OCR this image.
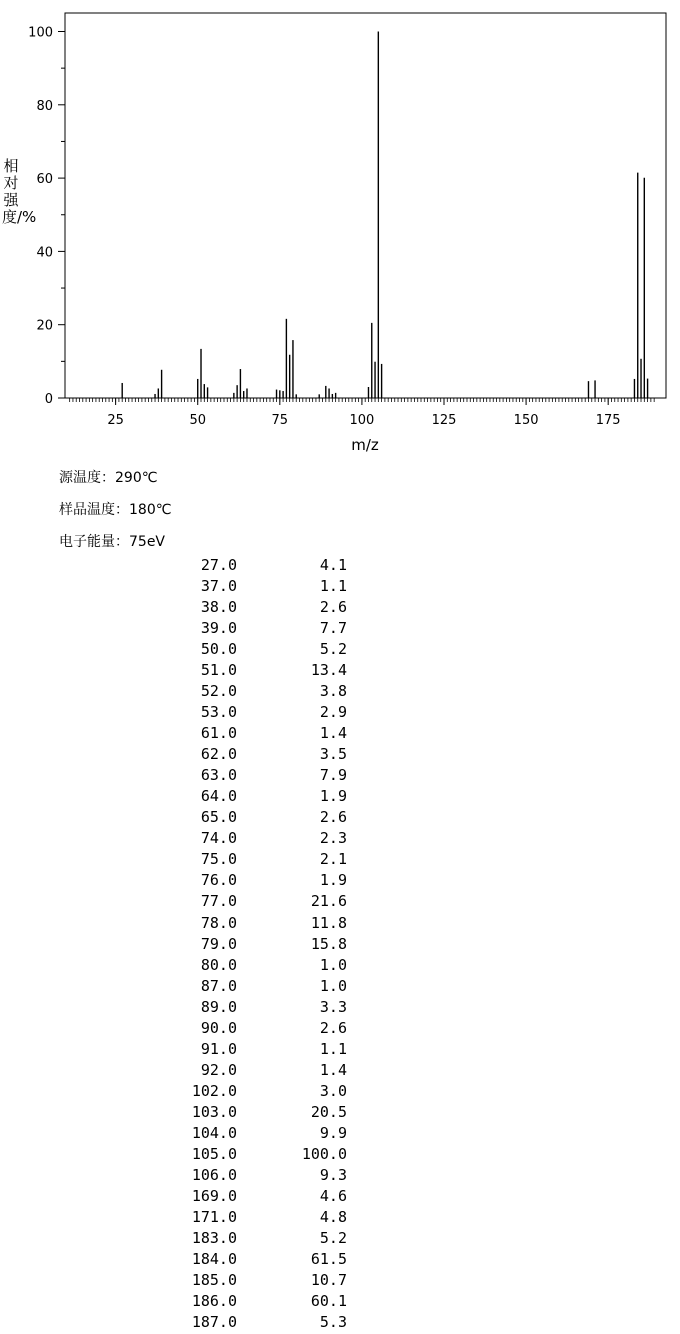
25	50	75	100	125	150	175
0
20
40
60
80
100
m/z
相对强度/%
源温度：290℃
样品温度：180℃
电子能量：75eV
27.0	4.1
37.0	1.1
38.0	2.6
39.0	7.7
50.0	5.2
51.0	13.4
52.0	3.8
53.0	2.9
61.0	1.4
62.0	3.5
63.0	7.9
64.0	1.9
65.0	2.6
74.0	2.3
75.0	2.1
76.0	1.9
77.0	21.6
78.0	11.8
79.0	15.8
80.0	1.0
87.0	1.0
89.0	3.3
90.0	2.6
91.0	1.1
92.0	1.4
102.0	3.0
103.0	20.5
104.0	9.9
105.0	100.0
106.0	9.3
169.0	4.6
171.0	4.8
183.0	5.2
184.0	61.5
185.0	10.7
186.0	60.1
187.0	5.3
